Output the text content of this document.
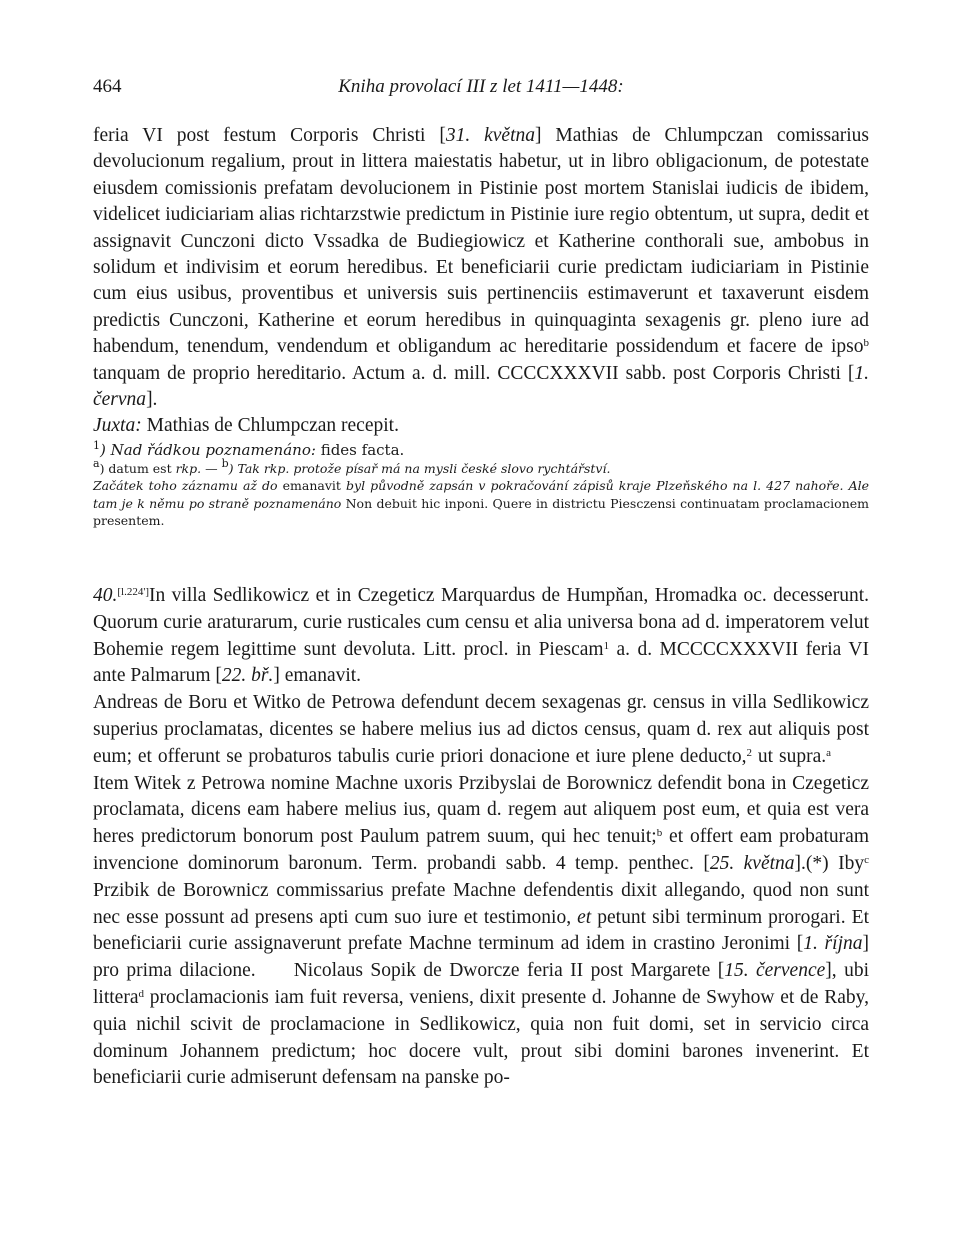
464	Kniha provolací III z let 1411—1448:

feria VI post festum Corporis Christi [31. května] Mathias de Chlumpczan comissarius devolucionum regalium, prout in littera maiestatis habetur, ut in libro obligacionum, de potestate eiusdem comissionis prefatam devolucionem in Pistinie post mortem Stanislai iudicis de ibidem, videlicet iudiciariam alias richtarzstwie predictum in Pistinie iure regio obtentum, ut supra, dedit et assignavit Cunczoni dicto Vssadka de Budiegiowicz et Katherine conthorali sue, ambobus in solidum et indivisim et eorum heredibus. Et beneficiarii curie predictam iudiciariam in Pistinie cum eius usibus, proventibus et universis suis pertinenciis estimaverunt et taxaverunt eisdem predictis Cunczoni, Katherine et eorum heredibus in quinquaginta sexagenis gr. pleno iure ad habendum, tenendum, vendendum et obligandum ac hereditarie possidendum et facere de ipso$^b$ tanquam de proprio hereditario. Actum a. d. mill. CCCCXXXVII sabb. post Corporis Christi [1. června].

Juxta: Mathias de Chlumpczan recepit.

$^1$) Nad řádkou poznamenáno: fides facta.

$^a$) datum est rkp. — $^b$) Tak rkp. protože písař má na mysli české slovo rychtářství.

Začátek toho záznamu až do emanavit byl původně zapsán v pokračování zápisů kraje Plzeňského na l. 427 nahoře. Ale tam je k němu po straně poznamenáno Non debuit hic inponi. Quere in districtu Piesczensi continuatam proclamacionem presentem.

40.[l.224']In villa Sedlikowicz et in Czegeticz Marquardus de Humpňan, Hromadka oc. decesserunt. Quorum curie araturarum, curie rusticales cum censu et alia universa bona ad d. imperatorem velut Bohemie regem legittime sunt devoluta. Litt. procl. in Piescam$^1$ a. d. MCCCCXXXVII feria VI ante Palmarum [22. bř.] emanavit.

Andreas de Boru et Witko de Petrowa defendunt decem sexagenas gr. census in villa Sedlikowicz superius proclamatas, dicentes se habere melius ius ad dictos census, quam d. rex aut aliquis post eum; et offerunt se probaturos tabulis curie priori donacione et iure plene deducto,$^2$ ut supra.$^a$Item Witek z Petrowa nomine Machne uxoris Przibyslai de Borownicz defendit bona in Czegeticz proclamata, dicens eam habere melius ius, quam d. regem aut aliquem post eum, et quia est vera heres predictorum bonorum post Paulum patrem suum, qui hec tenuit;$^b$ et offert eam probaturam invencione dominorum baronum. Term. probandi sabb. 4 temp. penthec. [25. května].(*) Iby$^c$ Przibik de Borownicz commissarius prefate Machne defendentis dixit allegando, quod non sunt nec esse possunt ad presens apti cum suo iure et testimonio, et petunt sibi terminum prorogari. Et beneficiarii curie assignaverunt prefate Machne terminum ad idem in crastino Jeronimi [1. října] pro prima dilacione. Nicolaus Sopik de Dworcze feria II post Margarete [15. července], ubi littera$^d$ proclamacionis iam fuit reversa, veniens, dixit presente d. Johanne de Swyhow et de Raby, quia nichil scivit de proclamacione in Sedlikowicz, quia non fuit domi, set in servicio circa dominum Johannem predictum; hoc docere vult, prout sibi domini barones invenerint. Et beneficiarii curie admiserunt defensam na panske po-
